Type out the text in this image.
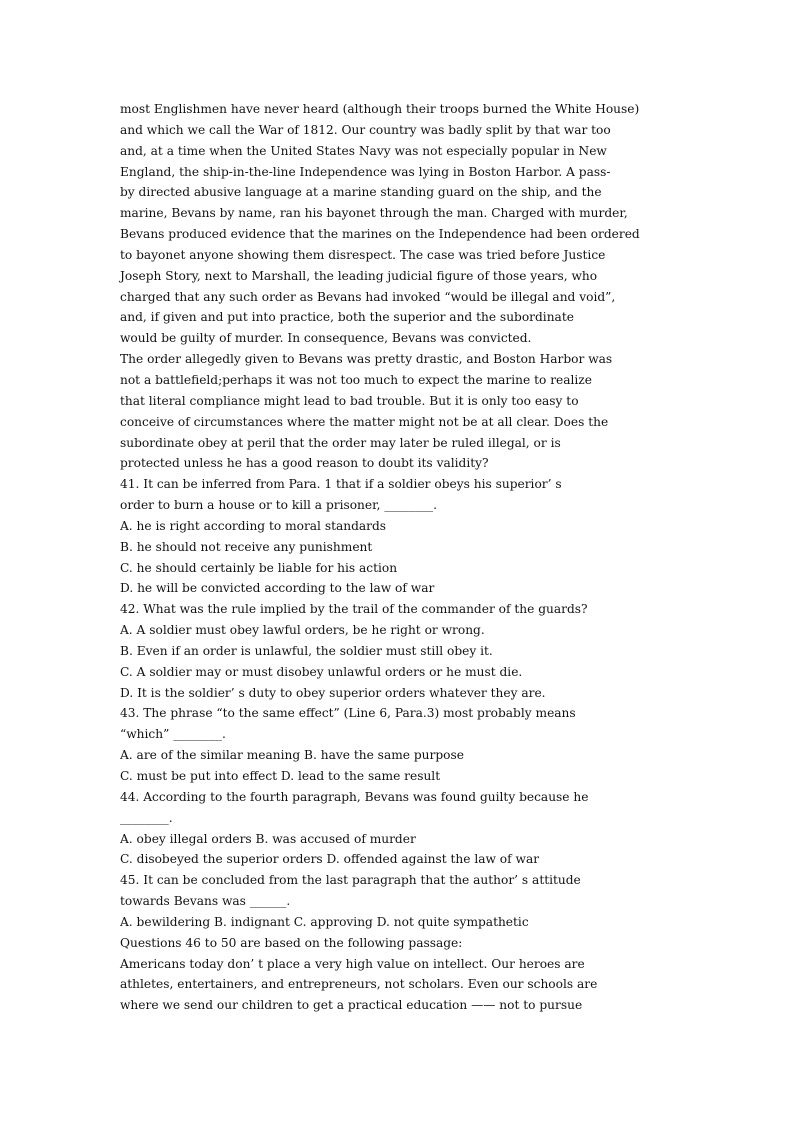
most Englishmen have never heard (although their troops burned the White House)
and which we call the War of 1812. Our country was badly split by that war too
and, at a time when the United States Navy was not especially popular in New
England, the ship-in-the-line Independence was lying in Boston Harbor. A pass-
by directed abusive language at a marine standing guard on the ship, and the
marine, Bevans by name, ran his bayonet through the man. Charged with murder,
Bevans produced evidence that the marines on the Independence had been ordered
to bayonet anyone showing them disrespect. The case was tried before Justice
Joseph Story, next to Marshall, the leading judicial figure of those years, who
charged that any such order as Bevans had invoked “would be illegal and void”,
and, if given and put into practice, both the superior and the subordinate
would be guilty of murder. In consequence, Bevans was convicted.
The order allegedly given to Bevans was pretty drastic, and Boston Harbor was
not a battlefield;perhaps it was not too much to expect the marine to realize
that literal compliance might lead to bad trouble. But it is only too easy to
conceive of circumstances where the matter might not be at all clear. Does the
subordinate obey at peril that the order may later be ruled illegal, or is
protected unless he has a good reason to doubt its validity?
41. It can be inferred from Para. 1 that if a soldier obeys his superior’ s
order to burn a house or to kill a prisoner, ________.
A. he is right according to moral standards
B. he should not receive any punishment
C. he should certainly be liable for his action
D. he will be convicted according to the law of war
42. What was the rule implied by the trail of the commander of the guards?
A. A soldier must obey lawful orders, be he right or wrong.
B. Even if an order is unlawful, the soldier must still obey it.
C. A soldier may or must disobey unlawful orders or he must die.
D. It is the soldier’ s duty to obey superior orders whatever they are.
43. The phrase “to the same effect” (Line 6, Para.3) most probably means
“which” ________.
A. are of the similar meaning B. have the same purpose
C. must be put into effect D. lead to the same result
44. According to the fourth paragraph, Bevans was found guilty because he
________.
A. obey illegal orders B. was accused of murder
C. disobeyed the superior orders D. offended against the law of war
45. It can be concluded from the last paragraph that the author’ s attitude
towards Bevans was ______.
A. bewildering B. indignant C. approving D. not quite sympathetic
Questions 46 to 50 are based on the following passage:
Americans today don’ t place a very high value on intellect. Our heroes are
athletes, entertainers, and entrepreneurs, not scholars. Even our schools are
where we send our children to get a practical education —— not to pursue
